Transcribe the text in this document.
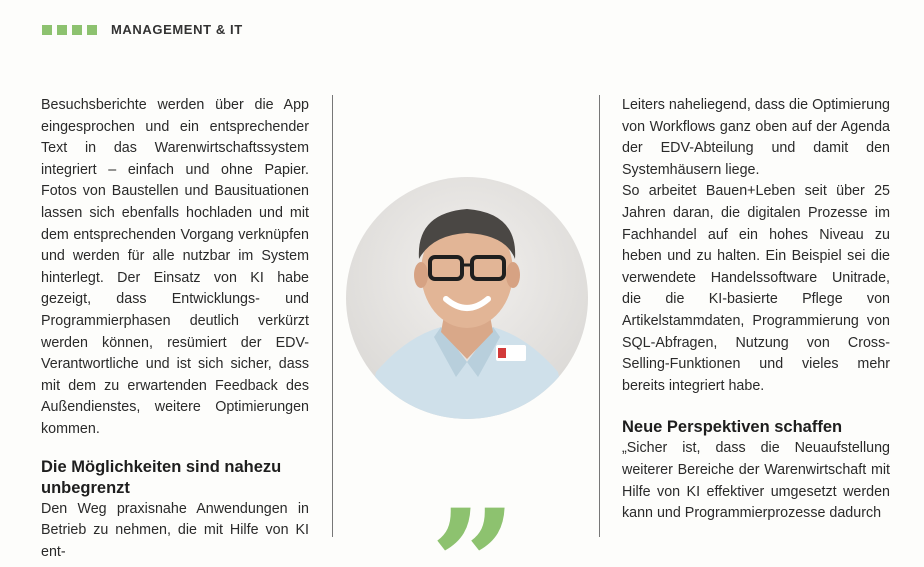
MANAGEMENT & IT

Besuchsberichte werden über die App eingesprochen und ein entsprechender Text in das Warenwirtschaftssystem integriert – einfach und ohne Papier. Fotos von Baustellen und Bausituationen lassen sich ebenfalls hochladen und mit dem entsprechenden Vorgang verknüpfen und werden für alle nutzbar im System hinterlegt. Der Einsatz von KI habe gezeigt, dass Entwicklungs- und Programmierphasen deutlich verkürzt werden können, resümiert der EDV-Verantwortliche und ist sich sicher, dass mit dem zu erwartenden Feedback des Außendienstes, weitere Optimierungen kommen.

Die Möglichkeiten sind nahezu unbegrenzt

Den Weg praxisnahe Anwendungen in Betrieb zu nehmen, die mit Hilfe von KI ent-	„

Leiters naheliegend, dass die Optimierung von Workflows ganz oben auf der Agenda der EDV-Abteilung und damit den Systemhäusern liege.

So arbeitet Bauen+Leben seit über 25 Jahren daran, die digitalen Prozesse im Fachhandel auf ein hohes Niveau zu heben und zu halten. Ein Beispiel sei die verwendete Handelssoftware Unitrade, die die KI-basierte Pflege von Artikelstammdaten, Programmierung von SQL-Abfragen, Nutzung von Cross-Selling-Funktionen und vieles mehr bereits integriert habe.

Neue Perspektiven schaffen

„Sicher ist, dass die Neuaufstellung weiterer Bereiche der Warenwirtschaft mit Hilfe von KI effektiver umgesetzt werden kann und Programmierprozesse dadurch
